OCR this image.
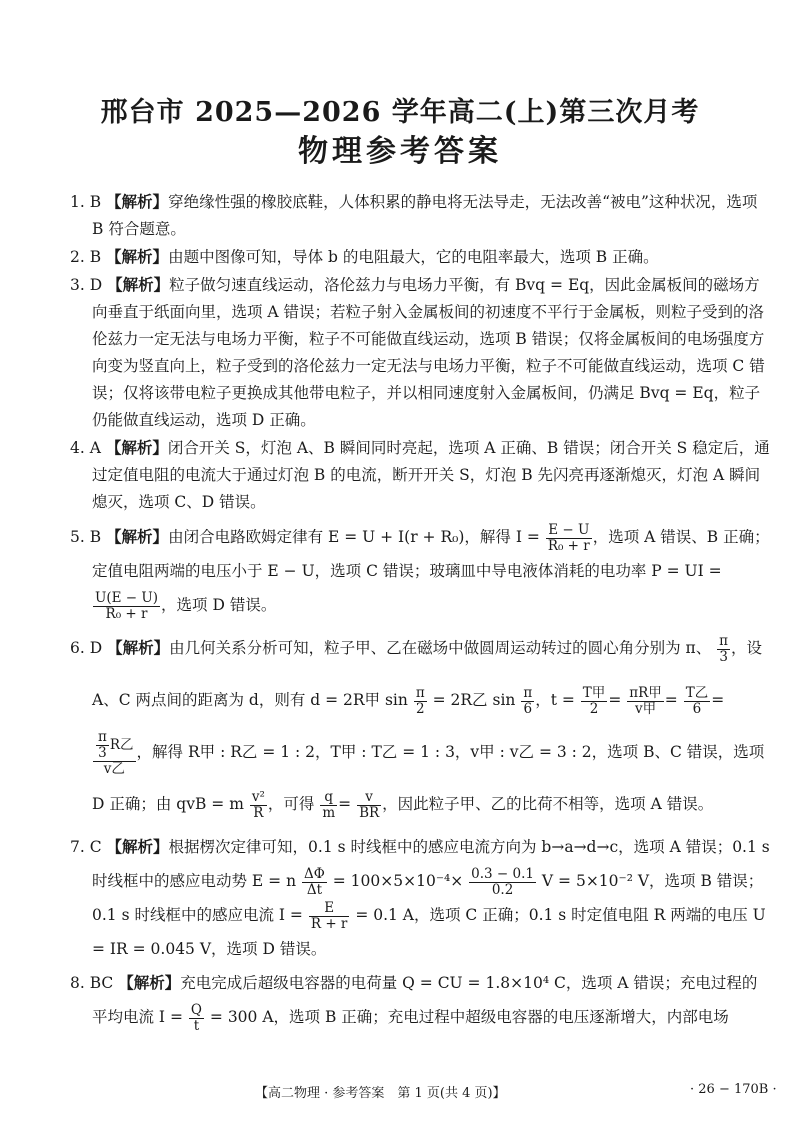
邢台市 2025—2026 学年高二(上)第三次月考
物理参考答案

1. B 【解析】穿绝缘性强的橡胶底鞋，人体积累的静电将无法导走，无法改善“被电”这种状况，选项 B 符合题意。

2. B 【解析】由题中图像可知，导体 b 的电阻最大，它的电阻率最大，选项 B 正确。

3. D 【解析】粒子做匀速直线运动，洛伦兹力与电场力平衡，有 Bvq = Eq，因此金属板间的磁场方向垂直于纸面向里，选项 A 错误；若粒子射入金属板间的初速度不平行于金属板，则粒子受到的洛伦兹力一定无法与电场力平衡，粒子不可能做直线运动，选项 B 错误；仅将金属板间的电场强度方向变为竖直向上，粒子受到的洛伦兹力一定无法与电场力平衡，粒子不可能做直线运动，选项 C 错误；仅将该带电粒子更换成其他带电粒子，并以相同速度射入金属板间，仍满足 Bvq = Eq，粒子仍能做直线运动，选项 D 正确。

4. A 【解析】闭合开关 S，灯泡 A、B 瞬间同时亮起，选项 A 正确、B 错误；闭合开关 S 稳定后，通过定值电阻的电流大于通过灯泡 B 的电流，断开开关 S，灯泡 B 先闪亮再逐渐熄灭，灯泡 A 瞬间熄灭，选项 C、D 错误。

5. B 【解析】由闭合电路欧姆定律有 E = U + I(r + R₀)，解得 $I = \frac{E - U}{\text{R₀ + r}}$ ，选项 A 错误、B 正确；定值电阻两端的电压小于 E − U，选项 C 错误；玻璃皿中导电液体消耗的电功率 P = UI =
$\frac{U(E - U)}{\text{R₀ + r}}$ ，选项 D 错误。

6. D 【解析】由几何关系分析可知，粒子甲、乙在磁场中做圆周运动转过的圆心角分别为 π、 $\frac{\pi}{3}$ ，设 A、C 两点间的距离为 d，则有 d = 2R甲 $\sin \frac{\pi}{2} = 2R$乙 $\sin \frac{\pi}{6}$ ，$t = \frac{\text{T甲}}{2} = \frac{\text{πR甲}}{\text{v甲}} = \frac{\text{T乙}}{6}$ =
$\frac{\frac{\pi}{3} R乙}{\text{v乙}}$ ，解得 R甲 : R乙 = 1 : 2，T甲 : T乙 = 1 : 3，v甲 : v乙 = 3 : 2，选项 B、C 错误，选项 D 正确；由 qvB = m $\frac{\text{v²}}{R}$ ，可得 $\frac{q}{m} = \frac{v}{BR}$ ，因此粒子甲、乙的比荷不相等，选项 A 错误。

7. C 【解析】根据楞次定律可知，0.1 s 时线框中的感应电流方向为 b→a→d→c，选项 A 错误；0.1 s 时线框中的感应电动势 E = n $\frac{\Delta\Phi}{\Delta t} = 100\times 5\times 10^{-4}\times \frac{0.3 - 0.1}{0.2}$ V = 5×10⁻² V，选项 B 错误；0.1 s 时线框中的感应电流 $I = \frac{E}{R + r} = 0.1$ A，选项 C 正确；0.1 s 时定值电阻 R 两端的电压 U = IR = 0.045 V，选项 D 错误。

8. BC 【解析】充电完成后超级电容器的电荷量 Q = CU = 1.8×10⁴ C，选项 A 错误；充电过程的平均电流 $I = \frac{Q}{t} = 300$ A，选项 B 正确；充电过程中超级电容器的电压逐渐增大，内部电场

【高二物理 · 参考答案　第 1 页(共 4 页)】	· 26 − 170B ·
